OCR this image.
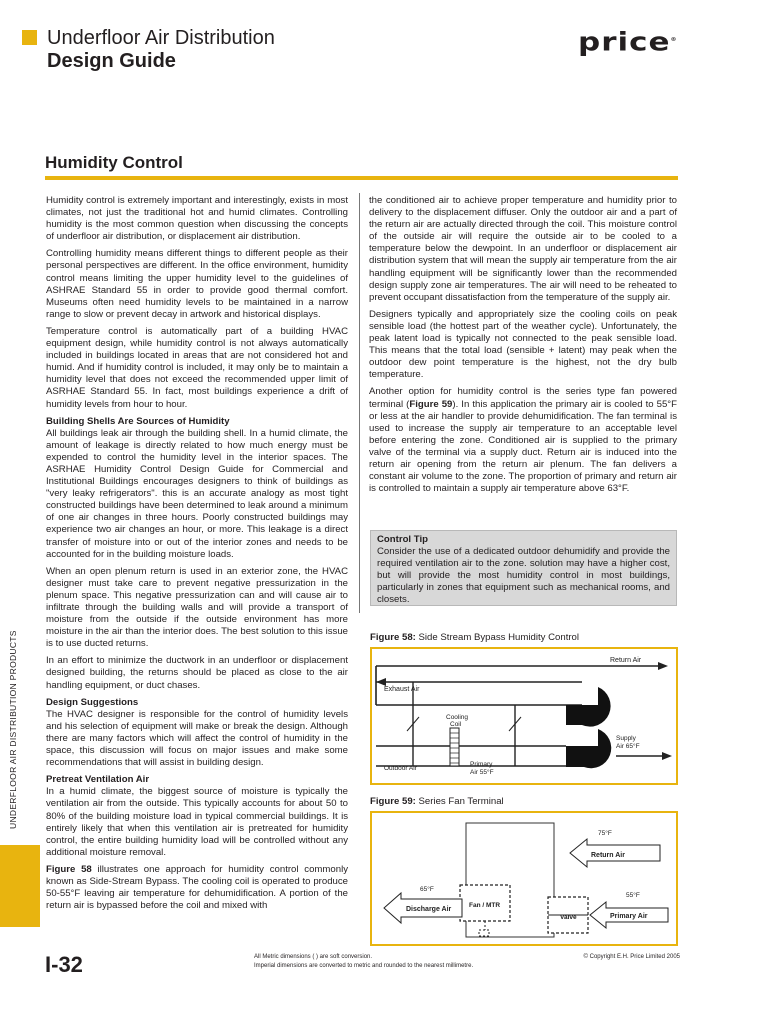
Underfloor Air Distribution
Design Guide
price®
Humidity Control

Humidity control is extremely important and interestingly, exists in most climates, not just the traditional hot and humid climates. Controlling humidity is the most common question when discussing the concepts of underfloor air distribution, or displacement air distribution.

Controlling humidity means different things to different people as their personal perspectives are different. In the office environment, humidity control means limiting the upper humidity level to the guidelines of ASHRAE Standard 55 in order to provide good thermal comfort. Museums often need humidity levels to be maintained in a narrow range to slow or prevent decay in artwork and historical displays.

Temperature control is automatically part of a building HVAC equipment design, while humidity control is not always automatically included in buildings located in areas that are not considered hot and humid. And if humidity control is included, it may only be to maintain a humidity level that does not exceed the recommended upper limit of ASRHAE Standard 55. In fact, most buildings experience a drift of humidity levels from hour to hour.

Building Shells Are Sources of Humidity

All buildings leak air through the building shell. In a humid climate, the amount of leakage is directly related to how much energy must be expended to control the humidity level in the interior spaces. The ASRHAE Humidity Control Design Guide for Commercial and Institutional Buildings encourages designers to think of buildings as "very leaky refrigerators". this is an accurate analogy as most tight constructed buildings have been determined to leak around a minimum of one air changes in three hours. Poorly constructed buildings may experience two air changes an hour, or more. This leakage is a direct transfer of moisture into or out of the interior zones and needs to be accounted for in the building moisture loads.

When an open plenum return is used in an exterior zone, the HVAC designer must take care to prevent negative pressurization in the plenum space. This negative pressurization can and will cause air to infiltrate through the building walls and will provide a transport of moisture from the outside if the outside environment has more moisture in the air than the interior does. The best solution to this issue is to use ducted returns.

In an effort to minimize the ductwork in an underfloor or displacement designed building, the returns should be placed as close to the air handling equipment, or duct chases.

Design Suggestions

The HVAC designer is responsible for the control of humidity levels and his selection of equipment will make or break the design. Although there are many factors which will affect the control of humidity in the space, this discussion will focus on major issues and make some recommendations that will assist in building design.

Pretreat Ventilation Air

In a humid climate, the biggest source of moisture is typically the ventilation air from the outside. This typically accounts for about 50 to 80% of the building moisture load in typical commercial buildings. It is entirely likely that when this ventilation air is pretreated for humidity control, the entire building humidity load will be controlled without any additional moisture removal.

Figure 58 illustrates one approach for humidity control commonly known as Side-Stream Bypass. The cooling coil is operated to produce 50-55°F leaving air temperature for dehumidification. A portion of the return air is bypassed before the coil and mixed with

the conditioned air to achieve proper temperature and humidity prior to delivery to the displacement diffuser. Only the outdoor air and a part of the return air are actually directed through the coil. This moisture control of the outside air will require the outside air to be cooled to a temperature below the dewpoint. In an underfloor or displacement air distribution system that will mean the supply air temperature from the air handling equipment will be significantly lower than the recommended design supply zone air temperatures. The air will need to be reheated to prevent occupant dissatisfaction from the temperature of the supply air.

Designers typically and appropriately size the cooling coils on peak sensible load (the hottest part of the weather cycle). Unfortunately, the peak latent load is typically not connected to the peak sensible load. This means that the total load (sensible + latent) may peak when the outdoor dew point temperature is the highest, not the dry bulb temperature.

Another option for humidity control is the series type fan powered terminal (Figure 59). In this application the primary air is cooled to 55°F or less at the air handler to provide dehumidification. The fan terminal is used to increase the supply air temperature to an acceptable level before entering the zone. Conditioned air is supplied to the primary valve of the terminal via a supply duct. Return air is induced into the return air opening from the return air plenum. The fan delivers a constant air volume to the zone. The proportion of primary and return air is controlled to maintain a supply air temperature above 63°F.

Control Tip
Consider the use of a dedicated outdoor dehumidify and provide the required ventilation air to the zone. solution may have a higher cost, but will provide the most humidity control in most buildings, particularly in zones that equipment such as mechanical rooms, and closets.
Figure 58: Side Stream Bypass Humidity Control
Return Air
Exhaust Air
Supply
Air 65°F
Cooling
Coil
Outdoor Air
Primary
Air 55°F
Figure 59: Series Fan Terminal
Fan / MTR
Valve
Return Air
75°F
Discharge Air
65°F
Primary Air
55°F
UNDERFLOOR AIR DISTRIBUTION PRODUCTS
I-32	All Metric dimensions ( ) are soft conversion.
Imperial dimensions are converted to metric and rounded to the nearest millimetre.
© Copyright E.H. Price Limited 2005
